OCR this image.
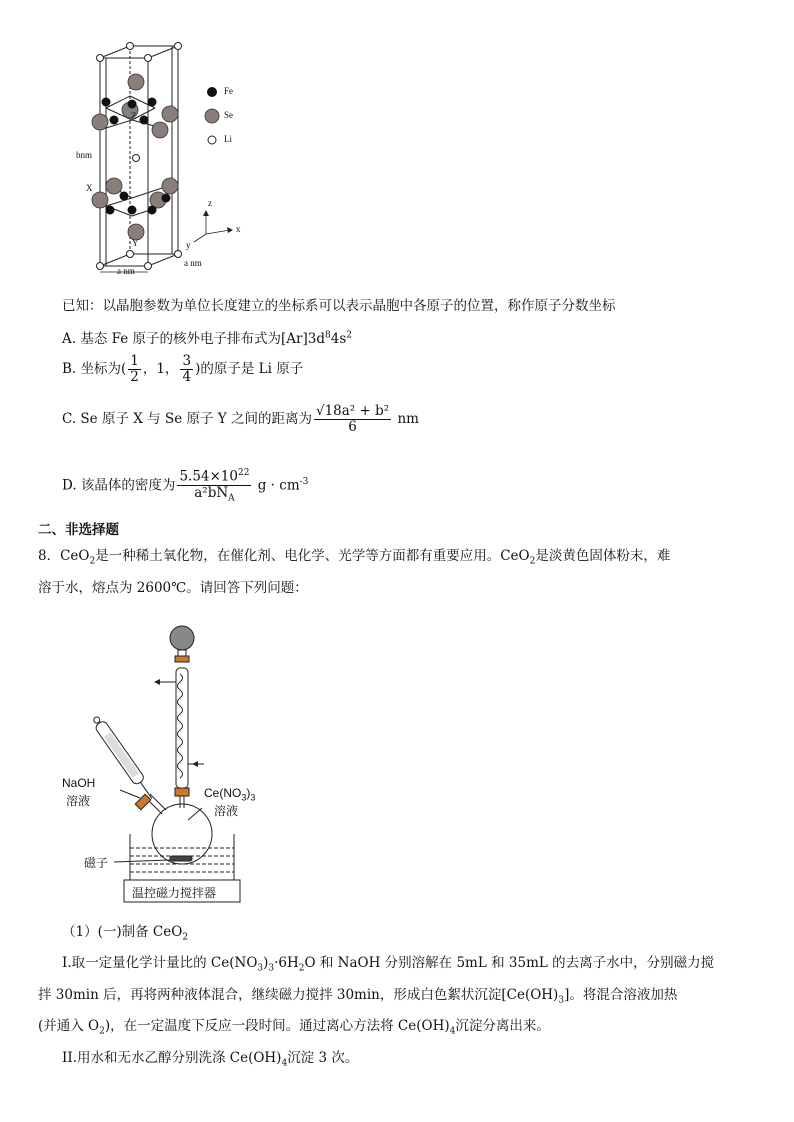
Fe
Se
Li
bnm
a nm
a nm
Z
X
Y
z
x
y
已知：以晶胞参数为单位长度建立的坐标系可以表示晶胞中各原子的位置，称作原子分数坐标
A. 基态 Fe 原子的核外电子排布式为$[Ar]3d^84s^2$
B. 坐标为( $\frac{1}{2}$ ，1， $\frac{3}{4}$ )的原子是 Li 原子
C. Se 原子 X 与 Se 原子 Y 之间的距离为 $\frac{\text{√18a² + b²}}{6}$ nm
D. 该晶体的密度为 $\frac{5.54\times 10^{22}}{a^2bN_A}$ $g \cdot cm^{-3}$
二、非选择题
8．CeO$_2$是一种稀土氧化物，在催化剂、电化学、光学等方面都有重要应用。CeO$_2$是淡黄色固体粉末，难
溶于水，熔点为 2600℃。请回答下列问题：
NaOH
溶液
$Ce(NO_3)_3$
溶液
磁子
温控磁力搅拌器
（1）(一)制备 CeO$_2$
I.取一定量化学计量比的 $Ce(NO_3)_3\cdot 6H_2O$ 和 NaOH 分别溶解在 5mL 和 35mL 的去离子水中，分别磁力搅
拌 30min 后，再将两种液体混合，继续磁力搅拌 30min，形成白色絮状沉淀$[Ce(OH)_3]$。将混合溶液加热
(并通入 $O_2$)，在一定温度下反应一段时间。通过离心方法将 $Ce(OH)_4$沉淀分离出来。
II.用水和无水乙醇分别洗涤 $Ce(OH)_4$沉淀 3 次。
